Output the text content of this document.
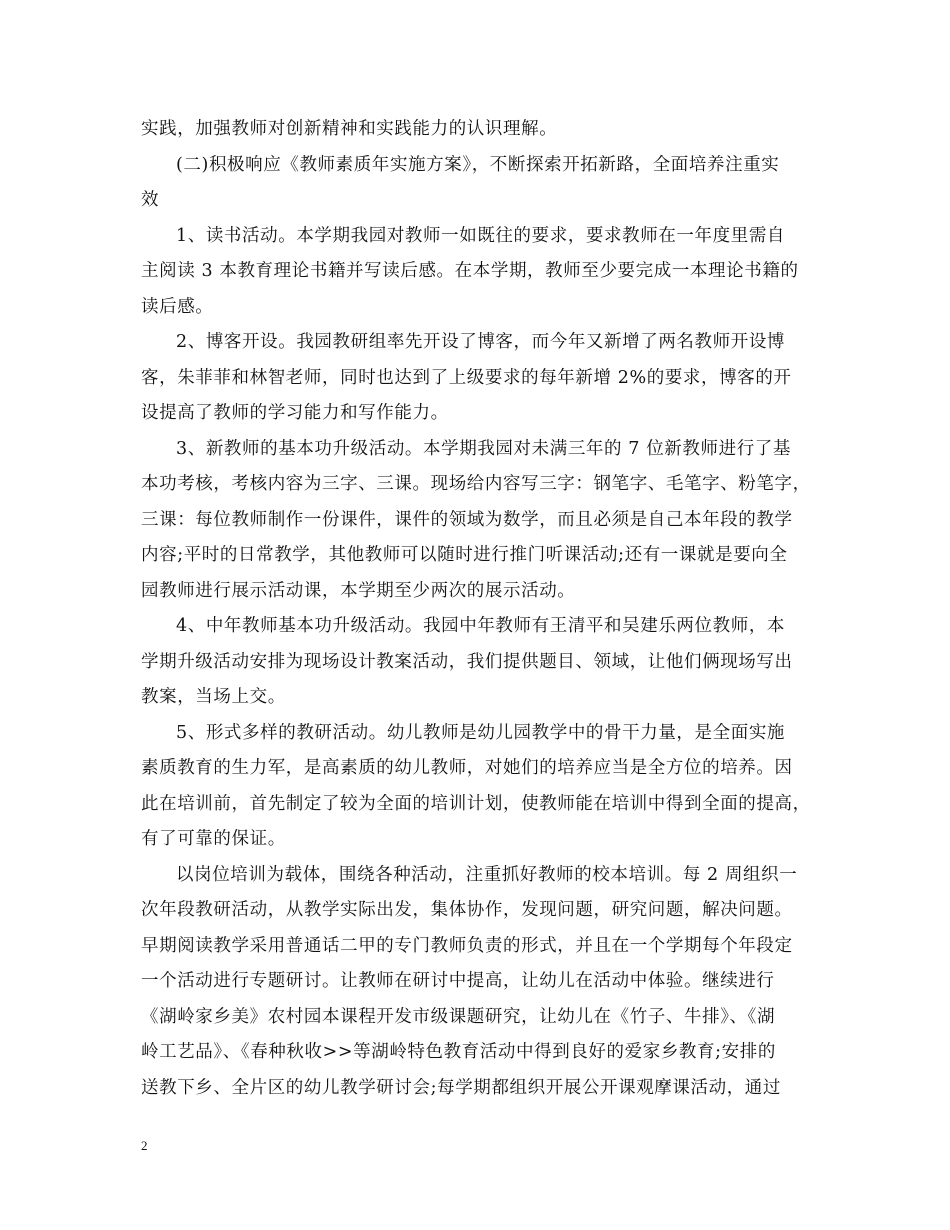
实践，加强教师对创新精神和实践能力的认识理解。
(二)积极响应《教师素质年实施方案》，不断探索开拓新路，全面培养注重实
效
1、读书活动。本学期我园对教师一如既往的要求，要求教师在一年度里需自
主阅读 3 本教育理论书籍并写读后感。在本学期，教师至少要完成一本理论书籍的
读后感。
2、博客开设。我园教研组率先开设了博客，而今年又新增了两名教师开设博
客，朱菲菲和林智老师，同时也达到了上级要求的每年新增 2%的要求，博客的开
设提高了教师的学习能力和写作能力。
3、新教师的基本功升级活动。本学期我园对未满三年的 7 位新教师进行了基
本功考核，考核内容为三字、三课。现场给内容写三字：钢笔字、毛笔字、粉笔字，
三课：每位教师制作一份课件，课件的领域为数学，而且必须是自己本年段的教学
内容;平时的日常教学，其他教师可以随时进行推门听课活动;还有一课就是要向全
园教师进行展示活动课，本学期至少两次的展示活动。
4、中年教师基本功升级活动。我园中年教师有王清平和吴建乐两位教师，本
学期升级活动安排为现场设计教案活动，我们提供题目、领域，让他们俩现场写出
教案，当场上交。
5、形式多样的教研活动。幼儿教师是幼儿园教学中的骨干力量，是全面实施
素质教育的生力军，是高素质的幼儿教师，对她们的培养应当是全方位的培养。因
此在培训前，首先制定了较为全面的培训计划，使教师能在培训中得到全面的提高，
有了可靠的保证。
以岗位培训为载体，围绕各种活动，注重抓好教师的校本培训。每 2 周组织一
次年段教研活动，从教学实际出发，集体协作，发现问题，研究问题，解决问题。
早期阅读教学采用普通话二甲的专门教师负责的形式，并且在一个学期每个年段定
一个活动进行专题研讨。让教师在研讨中提高，让幼儿在活动中体验。继续进行
《湖岭家乡美》农村园本课程开发市级课题研究，让幼儿在《竹子、牛排》、《湖
岭工艺品》、《春种秋收>>等湖岭特色教育活动中得到良好的爱家乡教育;安排的
送教下乡、全片区的幼儿教学研讨会;每学期都组织开展公开课观摩课活动，通过
2
